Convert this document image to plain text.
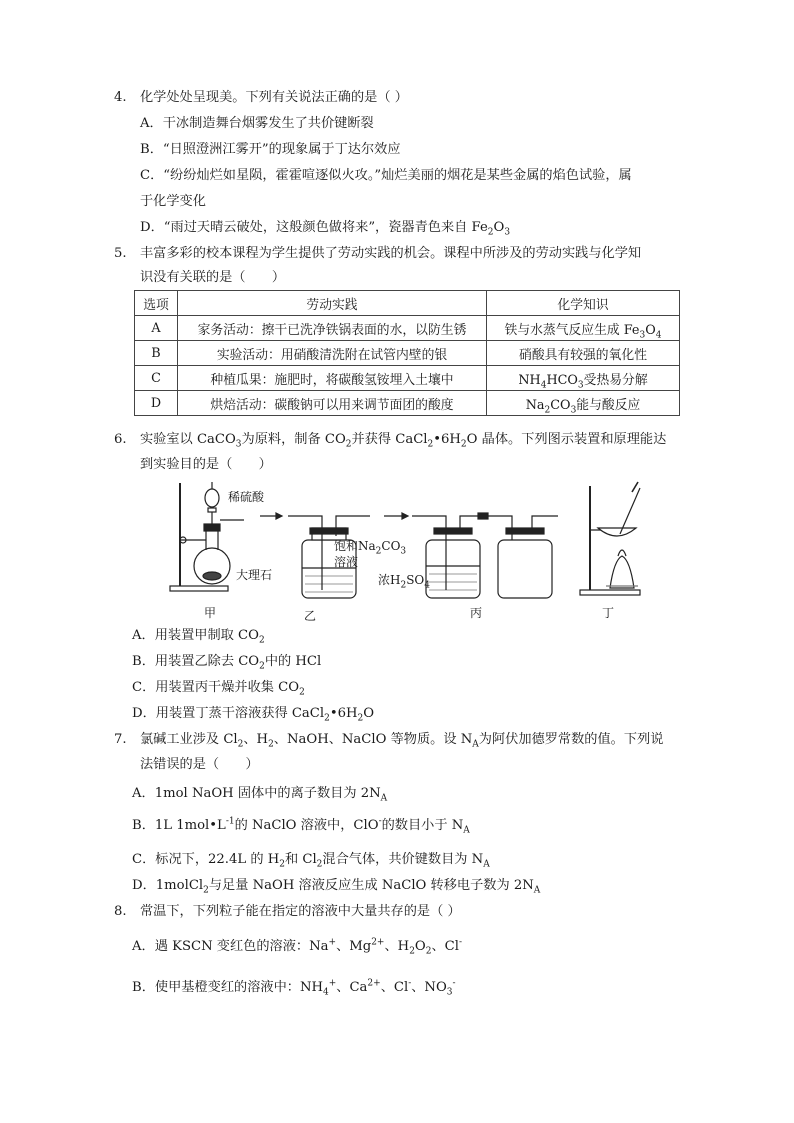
4. 化学处处呈现美。下列有关说法正确的是（ ）
A．干冰制造舞台烟雾发生了共价键断裂
B．“日照澄洲江雾开”的现象属于丁达尔效应
C．“纷纷灿烂如星陨，霍霍喧逐似火攻。”灿烂美丽的烟花是某些金属的焰色试验，属
于化学变化
D．“雨过天晴云破处，这般颜色做将来”，瓷器青色来自 $Fe_2O_3$
5. 丰富多彩的校本课程为学生提供了劳动实践的机会。课程中所涉及的劳动实践与化学知
识没有关联的是（　　）
选项	劳动实践	化学知识
A	家务活动：擦干已洗净铁锅表面的水，以防生锈	铁与水蒸气反应生成 $Fe_3O_4$
B	实验活动：用硝酸清洗附在试管内壁的银	硝酸具有较强的氧化性
C	种植瓜果：施肥时，将碳酸氢铵埋入土壤中	$NH_4HCO_3$受热易分解
D	烘焙活动：碳酸钠可以用来调节面团的酸度	$Na_2CO_3$能与酸反应
6. 实验室以 CaCO$_3$为原料，制备 $CO_2$并获得 $CaCl_2•6H_2O$ 晶体。下列图示装置和原理能达
到实验目的是（　　）
稀硫酸
大理石
饱和$Na_2CO_3$
溶液
浓$H_2SO_4$
甲	乙	丙	丁
A．用装置甲制取 $CO_2$
B．用装置乙除去 $CO_2$中的 HCl
C．用装置丙干燥并收集 $CO_2$
D．用装置丁蒸干溶液获得 $CaCl_2•6H_2O$
7. 氯碱工业涉及 $Cl_2$、$H_2$、NaOH、NaClO 等物质。设 $N_A$为阿伏加德罗常数的值。下列说
法错误的是（　　）
A．1mol NaOH 固体中的离子数目为 $2N_A$
B．1L $1mol•L^{-1}$的 NaClO 溶液中，ClO-的数目小于 $N_A$
C．标况下，22.4L 的 $H_2$和 $Cl_2$混合气体，共价键数目为 $N_A$
D．1molCl$_2$与足量 NaOH 溶液反应生成 NaClO 转移电子数为 $2N_A$
8. 常温下，下列粒子能在指定的溶液中大量共存的是（ ）
A．遇 KSCN 变红色的溶液：Na+、$Mg^{2+}$、$H_2O_2$、Cl-
B．使甲基橙变红的溶液中：$NH_4^+$、$Ca^{2+}$、Cl-、$NO_3^-$
